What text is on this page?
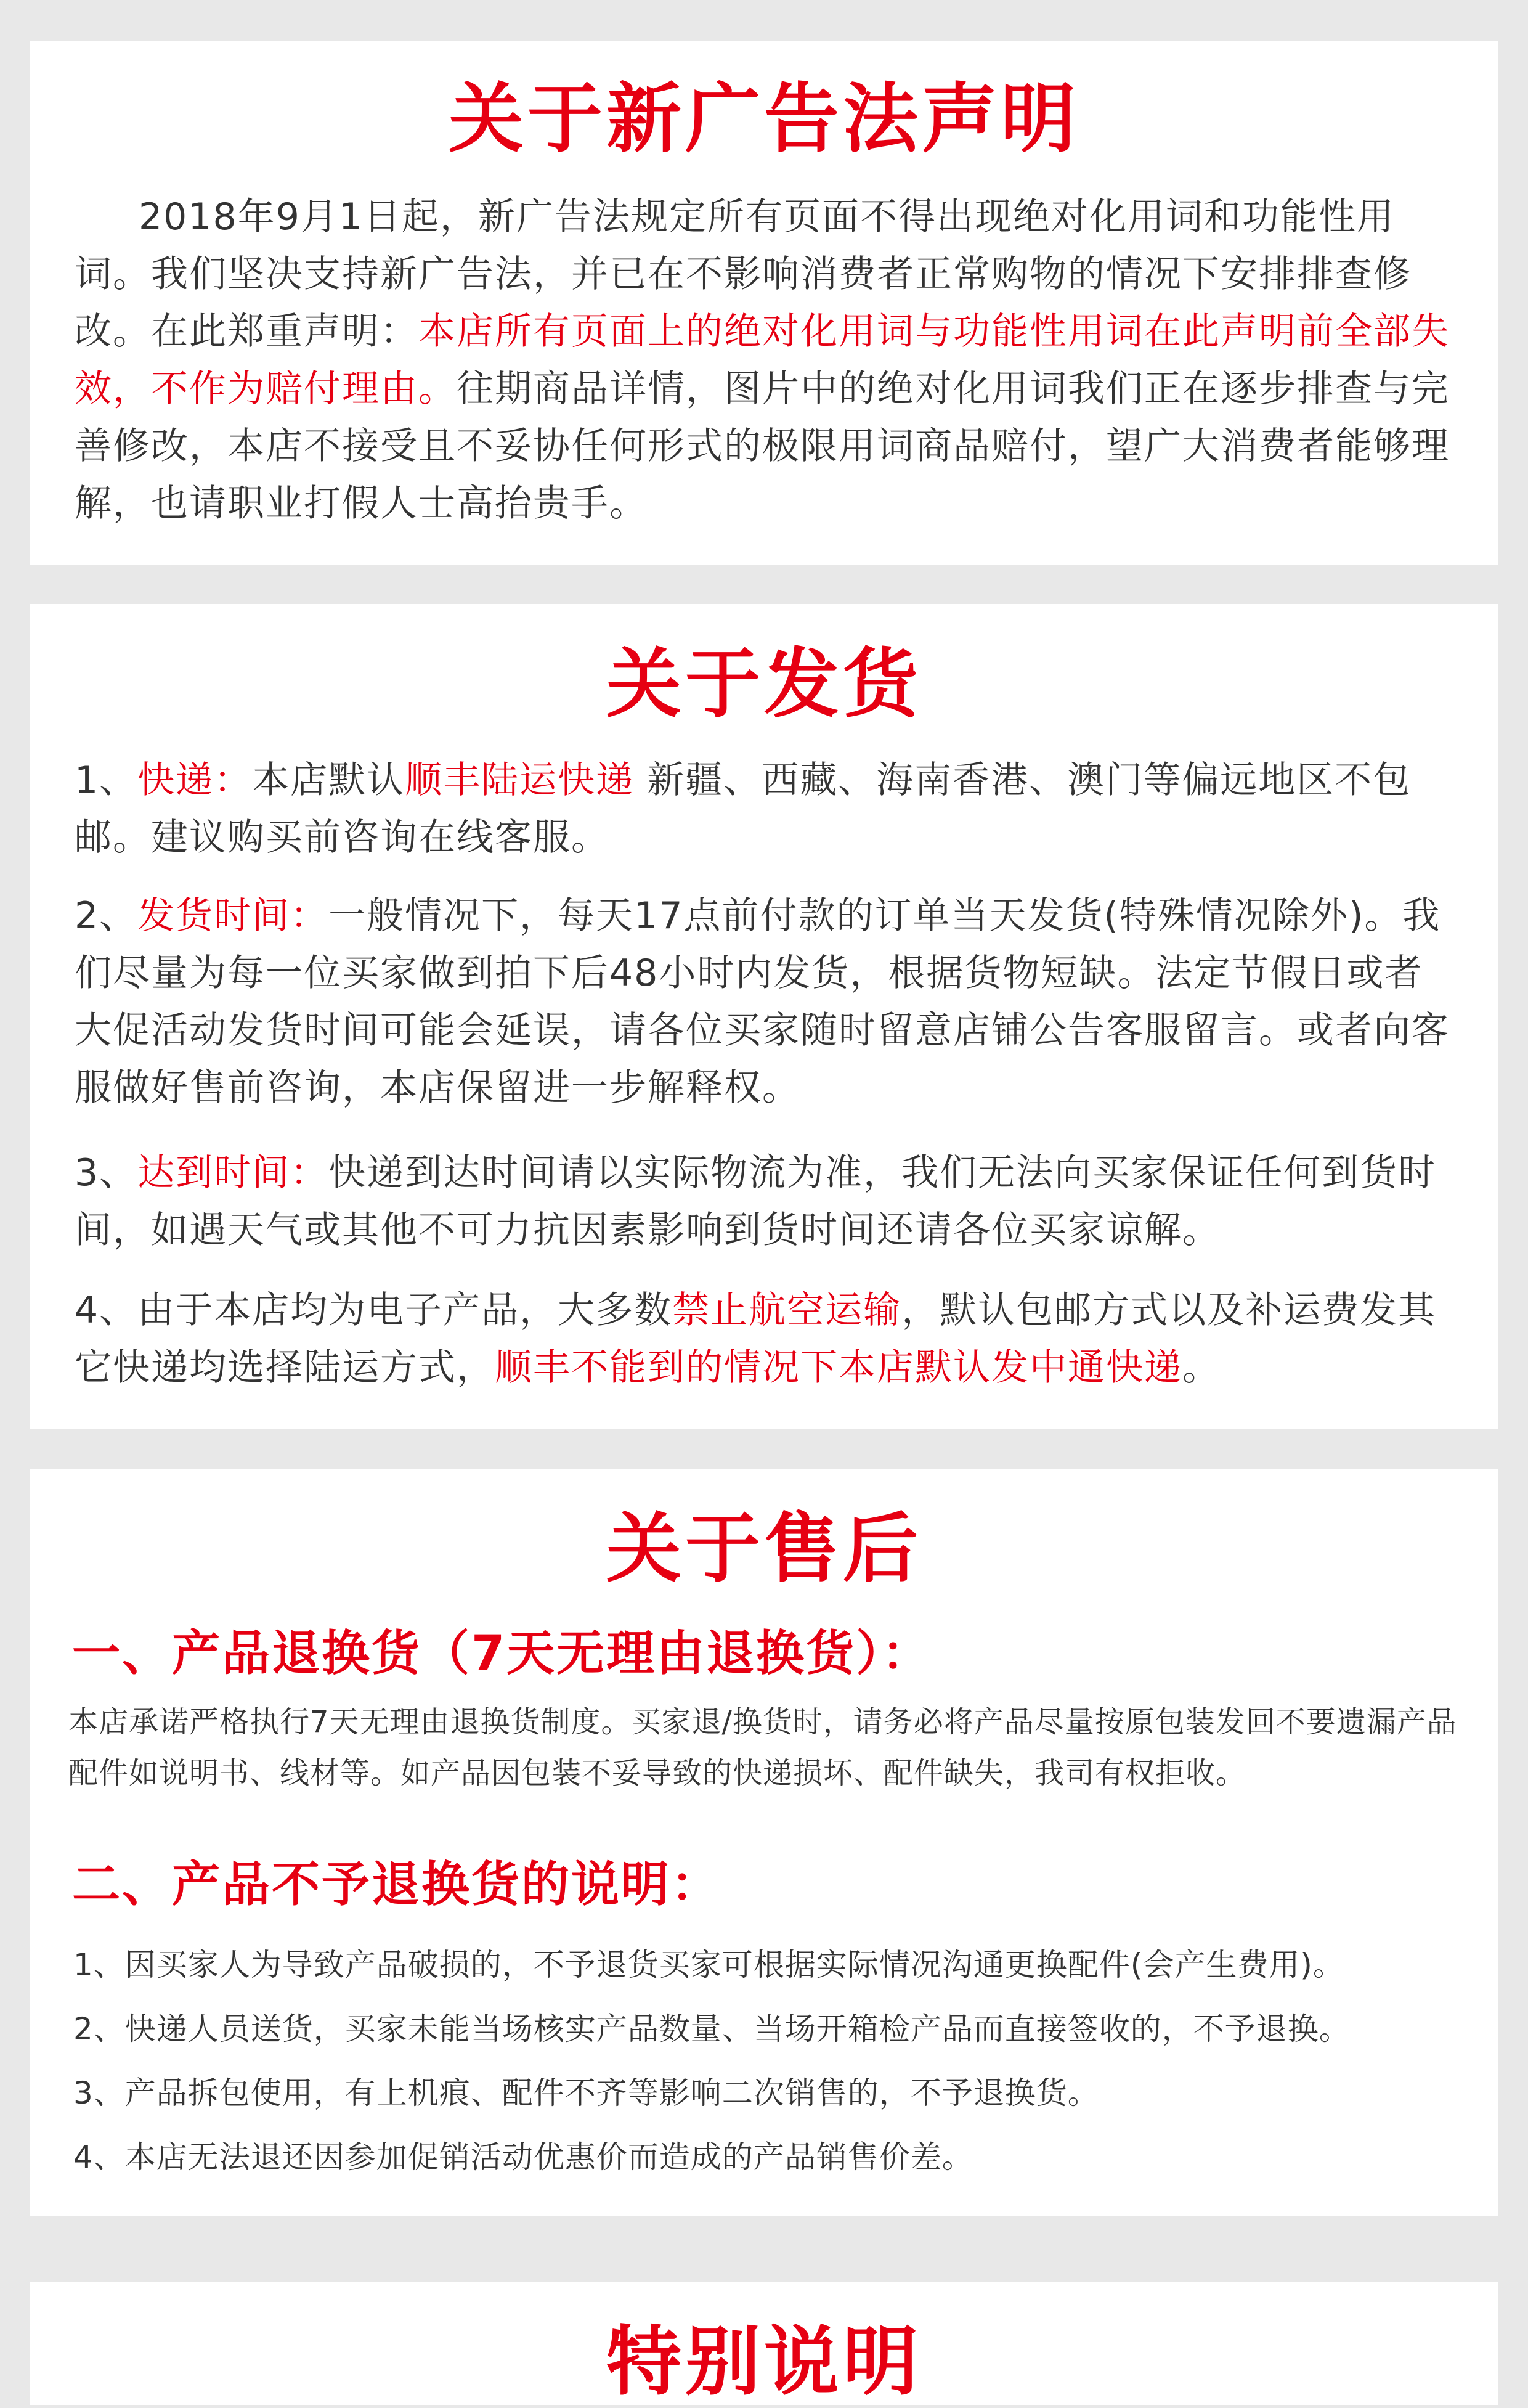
关于新广告法声明

2018年9月1日起，新广告法规定所有页面不得出现绝对化用词和功能性用词。我们坚决支持新广告法，并已在不影响消费者正常购物的情况下安排排查修改。在此郑重声明：本店所有页面上的绝对化用词与功能性用词在此声明前全部失效，不作为赔付理由。往期商品详情，图片中的绝对化用词我们正在逐步排查与完善修改，本店不接受且不妥协任何形式的极限用词商品赔付，望广大消费者能够理解，也请职业打假人士高抬贵手。

关于发货

1、快递：本店默认顺丰陆运快递 新疆、西藏、海南香港、澳门等偏远地区不包邮。建议购买前咨询在线客服。

2、发货时间：一般情况下，每天17点前付款的订单当天发货(特殊情况除外)。我们尽量为每一位买家做到拍下后48小时内发货，根据货物短缺。法定节假日或者大促活动发货时间可能会延误，请各位买家随时留意店铺公告客服留言。或者向客服做好售前咨询，本店保留进一步解释权。

3、达到时间：快递到达时间请以实际物流为准，我们无法向买家保证任何到货时间，如遇天气或其他不可力抗因素影响到货时间还请各位买家谅解。

4、由于本店均为电子产品，大多数禁止航空运输，默认包邮方式以及补运费发其它快递均选择陆运方式，顺丰不能到的情况下本店默认发中通快递。

关于售后
一、产品退换货（7天无理由退换货）：

本店承诺严格执行7天无理由退换货制度。买家退/换货时，请务必将产品尽量按原包装发回不要遗漏产品配件如说明书、线材等。如产品因包装不妥导致的快递损坏、配件缺失，我司有权拒收。

二、产品不予退换货的说明：
1、因买家人为导致产品破损的，不予退货买家可根据实际情况沟通更换配件(会产生费用)。
2、快递人员送货，买家未能当场核实产品数量、当场开箱检产品而直接签收的，不予退换。
3、产品拆包使用，有上机痕、配件不齐等影响二次销售的，不予退换货。
4、本店无法退还因参加促销活动优惠价而造成的产品销售价差。
特别说明
